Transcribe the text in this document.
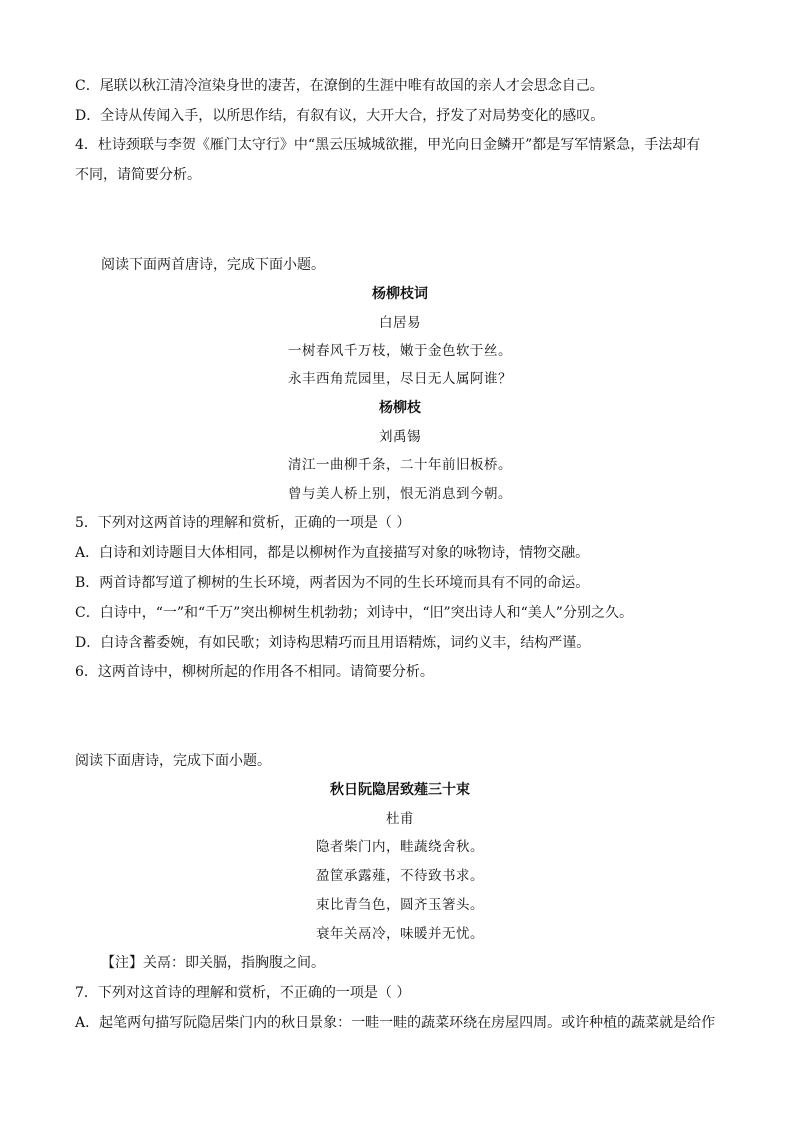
C．尾联以秋江清冷渲染身世的凄苦，在潦倒的生涯中唯有故国的亲人才会思念自己。
D．全诗从传闻入手，以所思作结，有叙有议，大开大合，抒发了对局势变化的感叹。
4．杜诗颈联与李贺《雁门太守行》中“黑云压城城欲摧，甲光向日金鳞开”都是写军情紧急，手法却有
不同，请简要分析。
阅读下面两首唐诗，完成下面小题。
杨柳枝词
白居易
一树春风千万枝，嫩于金色软于丝。
永丰西角荒园里，尽日无人属阿谁？
杨柳枝
刘禹锡
清江一曲柳千条，二十年前旧板桥。
曾与美人桥上别，恨无消息到今朝。
5．下列对这两首诗的理解和赏析，正确的一项是（ ）
A．白诗和刘诗题目大体相同，都是以柳树作为直接描写对象的咏物诗，情物交融。
B．两首诗都写道了柳树的生长环境，两者因为不同的生长环境而具有不同的命运。
C．白诗中，“一”和“千万”突出柳树生机勃勃；刘诗中，“旧”突出诗人和“美人”分别之久。
D．白诗含蓄委婉，有如民歌；刘诗构思精巧而且用语精炼，词约义丰，结构严谨。
6．这两首诗中，柳树所起的作用各不相同。请简要分析。
阅读下面唐诗，完成下面小题。
秋日阮隐居致薤三十束
杜甫
隐者柴门内，畦蔬绕舍秋。
盈筐承露薤，不待致书求。
束比青刍色，圆齐玉箸头。
衰年关鬲冷，味暖并无忧。
【注】关鬲：即关膈，指胸腹之间。
7．下列对这首诗的理解和赏析，不正确的一项是（ ）
A．起笔两句描写阮隐居柴门内的秋日景象：一畦一畦的蔬菜环绕在房屋四周。或许种植的蔬菜就是给作
